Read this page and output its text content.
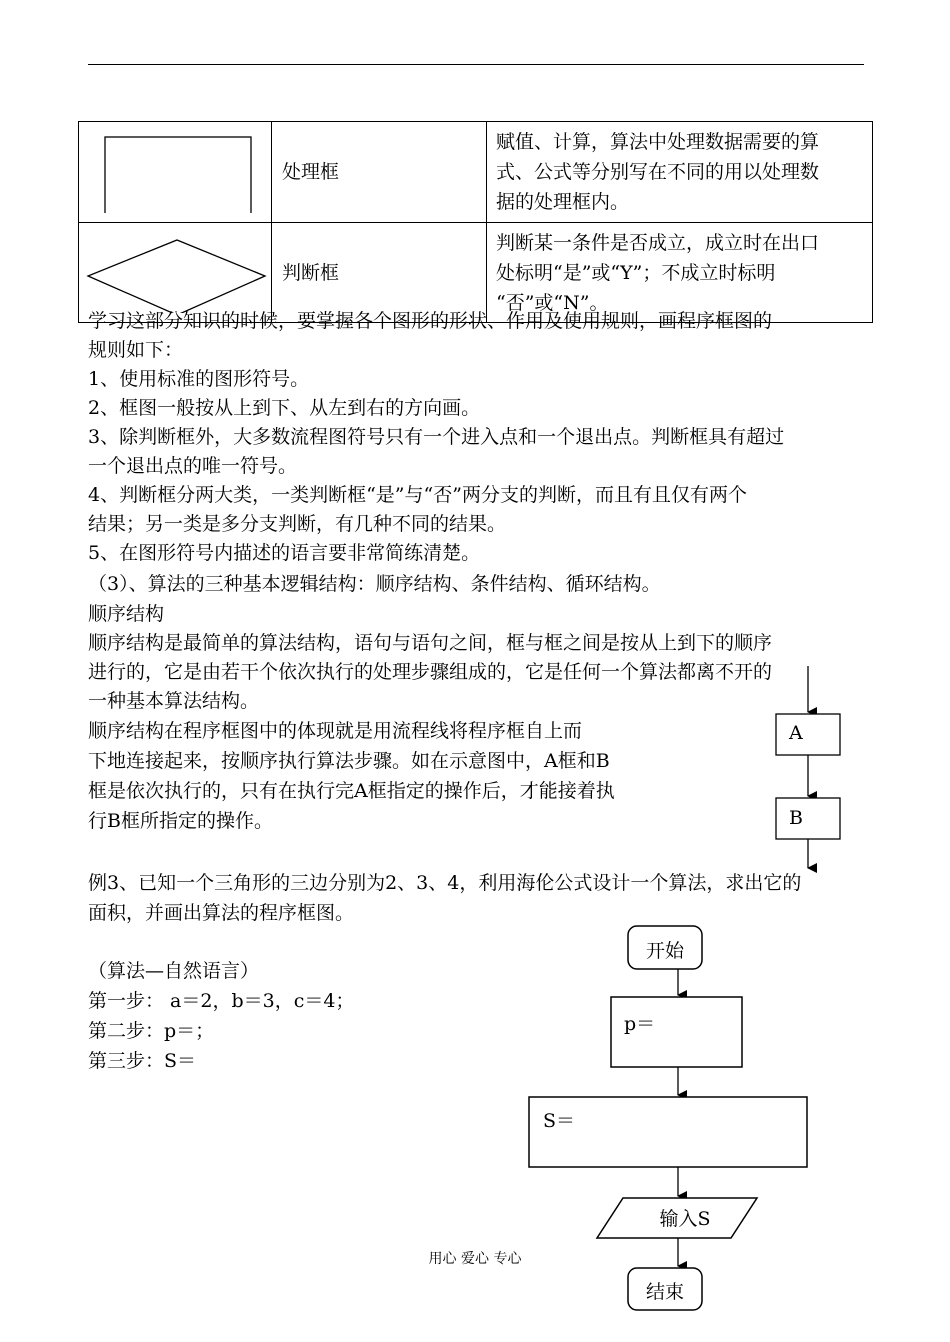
	处理框	赋值、计算，算法中处理数据需要的算
式、公式等分别写在不同的用以处理数
据的处理框内。

	判断框	判断某一条件是否成立，成立时在出口
处标明“是”或“Y”；不成立时标明
“否”或“N”。
学习这部分知识的时候，要掌握各个图形的形状、作用及使用规则，画程序框图的
规则如下：
1、使用标准的图形符号。
2、框图一般按从上到下、从左到右的方向画。
3、除判断框外，大多数流程图符号只有一个进入点和一个退出点。判断框具有超过
一个退出点的唯一符号。
4、判断框分两大类，一类判断框“是”与“否”两分支的判断，而且有且仅有两个
结果；另一类是多分支判断，有几种不同的结果。
5、在图形符号内描述的语言要非常简练清楚。
（3）、算法的三种基本逻辑结构：顺序结构、条件结构、循环结构。
顺序结构
顺序结构是最简单的算法结构，语句与语句之间，框与框之间是按从上到下的顺序
进行的，它是由若干个依次执行的处理步骤组成的，它是任何一个算法都离不开的
一种基本算法结构。
顺序结构在程序框图中的体现就是用流程线将程序框自上而
下地连接起来，按顺序执行算法步骤。如在示意图中，A框和B
框是依次执行的，只有在执行完A框指定的操作后，才能接着执
行B框所指定的操作。
A
B
例3、已知一个三角形的三边分别为2、3、4，利用海伦公式设计一个算法，求出它的
面积，并画出算法的程序框图。
（算法—自然语言）
第一步： a＝2，b＝3，c＝4；
第二步：p＝；
第三步：S＝
开始
p＝
S＝
输入S
结束
用心 爱心 专心
